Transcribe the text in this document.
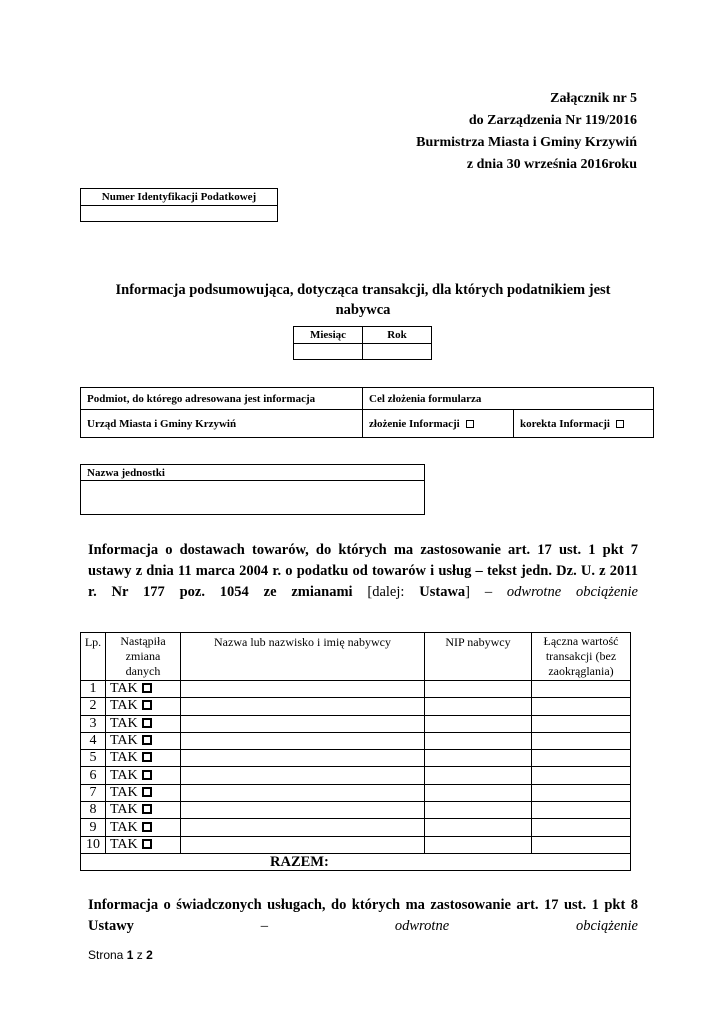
Załącznik nr 5
do Zarządzenia Nr 119/2016
Burmistrza Miasta i Gminy Krzywiń
z dnia 30 września 2016roku
Numer Identyfikacji Podatkowej

Informacja podsumowująca, dotycząca transakcji, dla których podatnikiem jest
nabywca
Miesiąc	Rok

Podmiot, do którego adresowana jest informacja	Cel złożenia formularza	
Urząd Miasta i Gminy Krzywiń	złożenie Informacji	korekta Informacji
Nazwa jednostki

Informacja o dostawach towarów, do których ma zastosowanie art. 17 ust. 1 pkt 7 ustawy z dnia 11 marca 2004 r. o podatku od towarów i usług – tekst jedn. Dz. U. z 2011 r. Nr 177 poz. 1054 ze zmianami [dalej: Ustawa] – odwrotne obciążenie
Lp.	Nastąpiła zmiana danych	Nazwa lub nazwisko i imię nabywcy	NIP nabywcy	Łączna wartość transakcji (bez zaokrąglania)
1	TAK			
2	TAK			
3	TAK			
4	TAK			
5	TAK			
6	TAK			
7	TAK			
8	TAK			
9	TAK			
10	TAK			
RAZEM:				
Informacja o świadczonych usługach, do których ma zastosowanie art. 17 ust. 1 pkt 8 Ustawy – odwrotne obciążenie
Strona 1 z 2
